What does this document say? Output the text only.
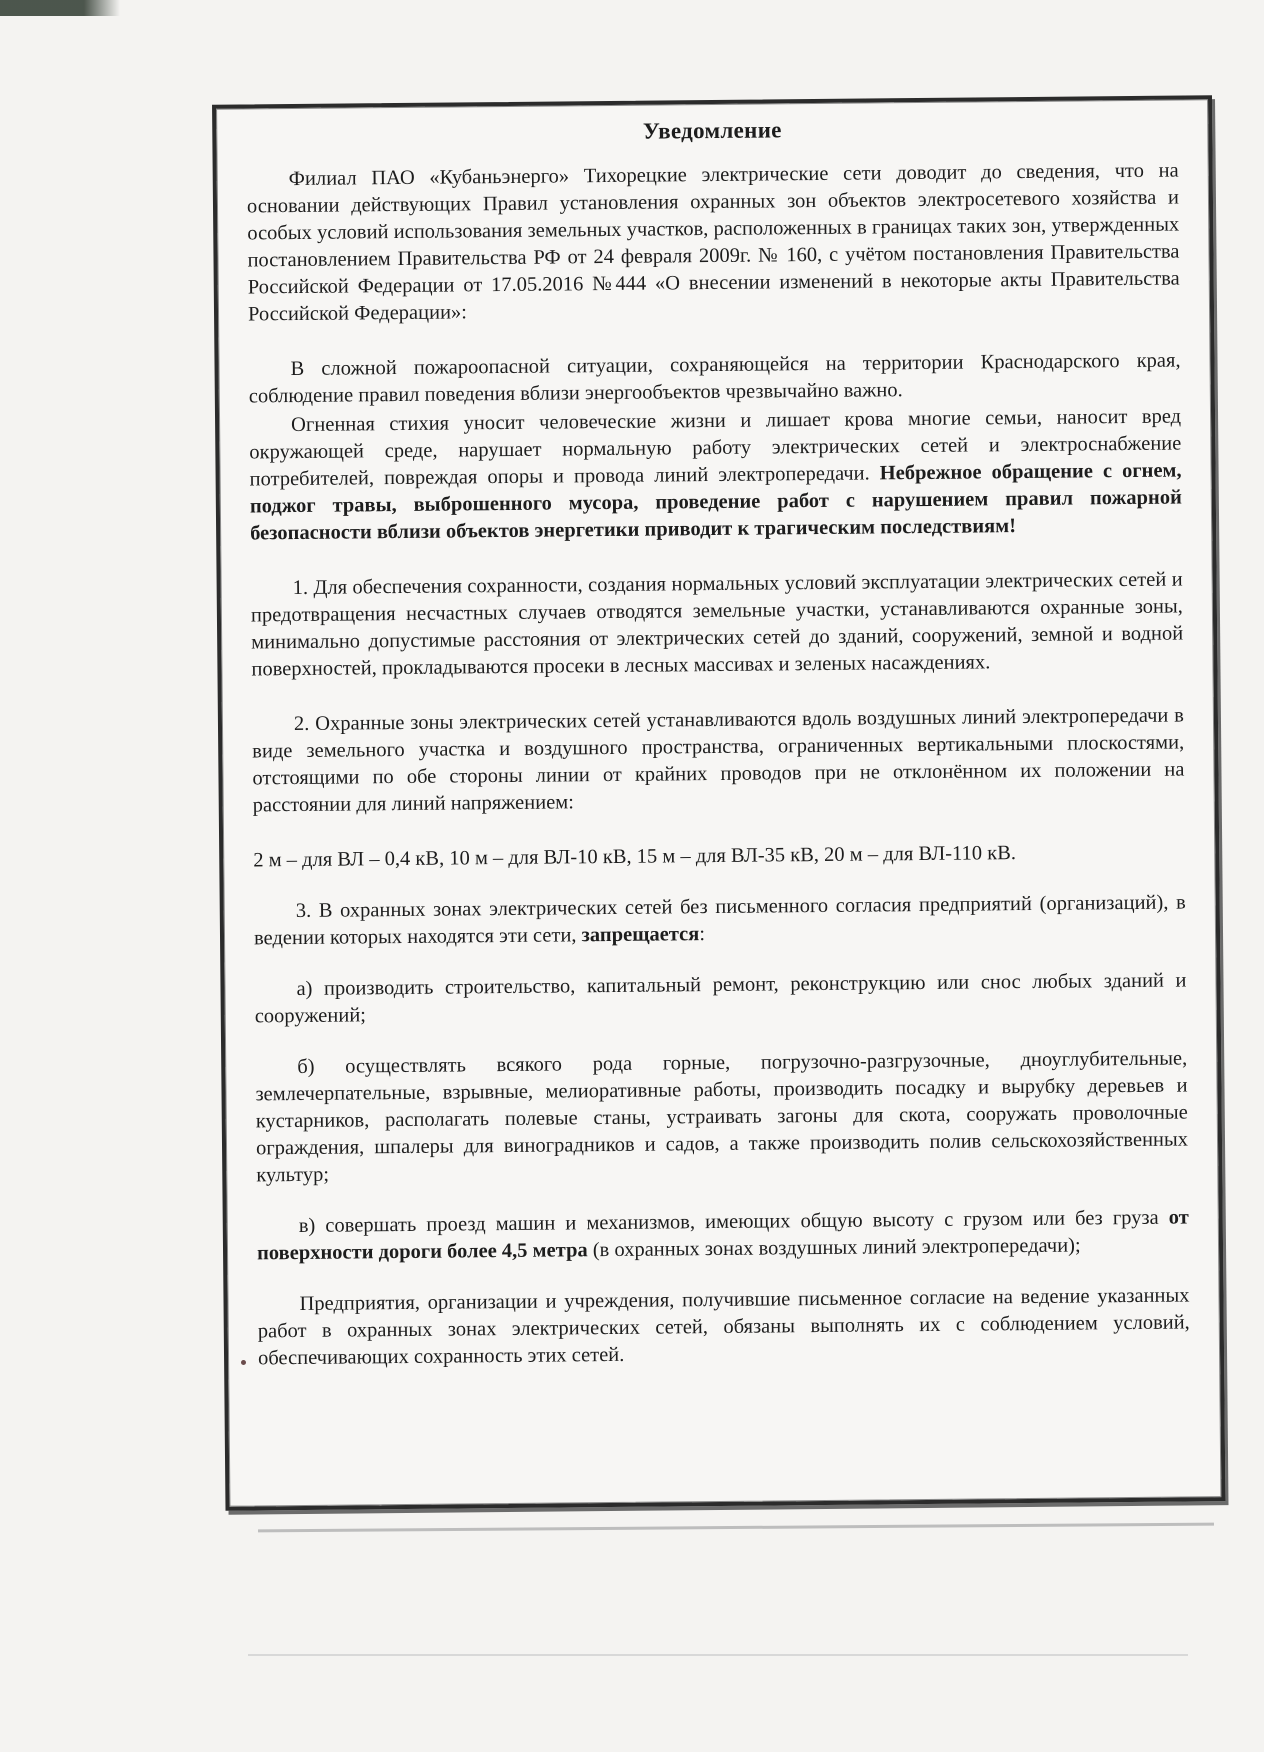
Уведомление

Филиал ПАО «Кубаньэнерго» Тихорецкие электрические сети доводит до сведения, что на основании действующих Правил установления охранных зон объектов электросетевого хозяйства и особых условий использования земельных участков, расположенных в границах таких зон, утвержденных постановлением Правительства РФ от 24 февраля 2009г. № 160, с учётом постановления Правительства Российской Федерации от 17.05.2016 №444 «О внесении изменений в некоторые акты Правительства Российской Федерации»:

В сложной пожароопасной ситуации, сохраняющейся на территории Краснодарского края, соблюдение правил поведения вблизи энергообъектов чрезвычайно важно.

Огненная стихия уносит человеческие жизни и лишает крова многие семьи, наносит вред окружающей среде, нарушает нормальную работу электрических сетей и электроснабжение потребителей, повреждая опоры и провода линий электропередачи. Небрежное обращение с огнем, поджог травы, выброшенного мусора, проведение работ с нарушением правил пожарной безопасности вблизи объектов энергетики приводит к трагическим последствиям!

1. Для обеспечения сохранности, создания нормальных условий эксплуатации электрических сетей и предотвращения несчастных случаев отводятся земельные участки, устанавливаются охранные зоны, минимально допустимые расстояния от электрических сетей до зданий, сооружений, земной и водной поверхностей, прокладываются просеки в лесных массивах и зеленых насаждениях.

2. Охранные зоны электрических сетей устанавливаются вдоль воздушных линий электропередачи в виде земельного участка и воздушного пространства, ограниченных вертикальными плоскостями, отстоящими по обе стороны линии от крайних проводов при не отклонённом их положении на расстоянии для линий напряжением:

2 м – для ВЛ – 0,4 кВ, 10 м – для ВЛ-10 кВ, 15 м – для ВЛ-35 кВ, 20 м – для ВЛ-110 кВ.

3. В охранных зонах электрических сетей без письменного согласия предприятий (организаций), в ведении которых находятся эти сети, запрещается:

а) производить строительство, капитальный ремонт, реконструкцию или снос любых зданий и сооружений;

б) осуществлять всякого рода горные, погрузочно-разгрузочные, дноуглубительные, землечерпательные, взрывные, мелиоративные работы, производить посадку и вырубку деревьев и кустарников, располагать полевые станы, устраивать загоны для скота, сооружать проволочные ограждения, шпалеры для виноградников и садов, а также производить полив сельскохозяйственных культур;

в) совершать проезд машин и механизмов, имеющих общую высоту с грузом или без груза от поверхности дороги более 4,5 метра (в охранных зонах воздушных линий электропередачи);

Предприятия, организации и учреждения, получившие письменное согласие на ведение указанных работ в охранных зонах электрических сетей, обязаны выполнять их с соблюдением условий, обеспечивающих сохранность этих сетей.
